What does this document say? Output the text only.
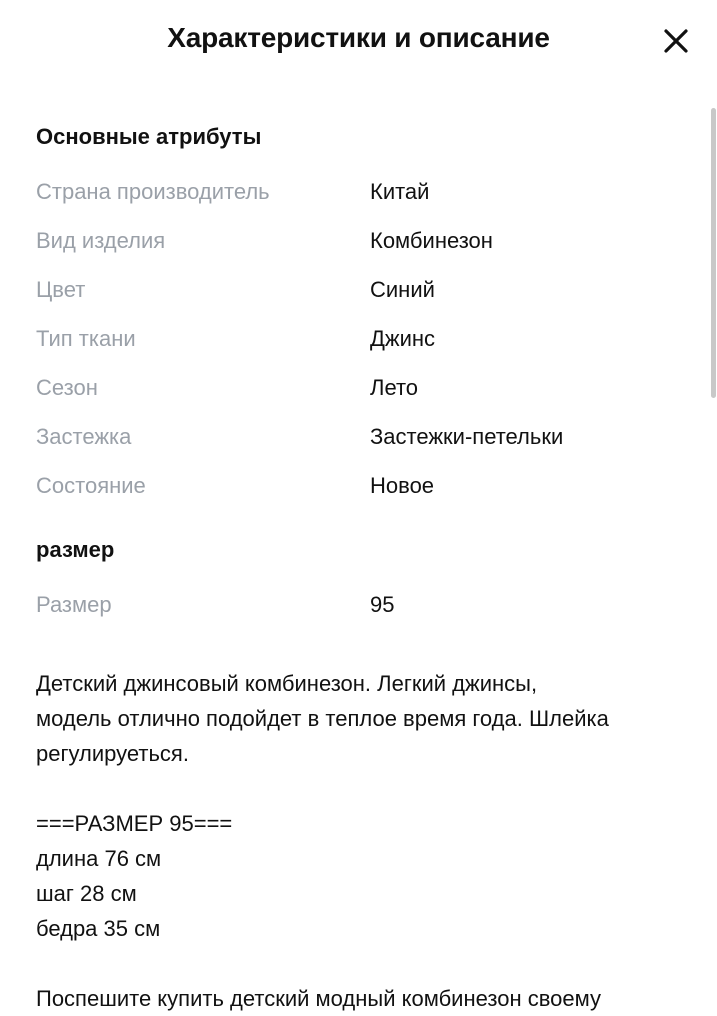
Характеристики и описание
Основные атрибуты
Страна производитель	Китай
Вид изделия	Комбинезон
Цвет	Синий
Тип ткани	Джинс
Сезон	Лето
Застежка	Застежки-петельки
Состояние	Новое
размер
Размер	95
Детский джинсовый комбинезон. Легкий джинсы,
модель отлично подойдет в теплое время года. Шлейка
регулируеться.

===РАЗМЕР 95===
длина 76 см
шаг 28 см
бедра 35 см

Поспешите купить детский модный комбинезон своему
